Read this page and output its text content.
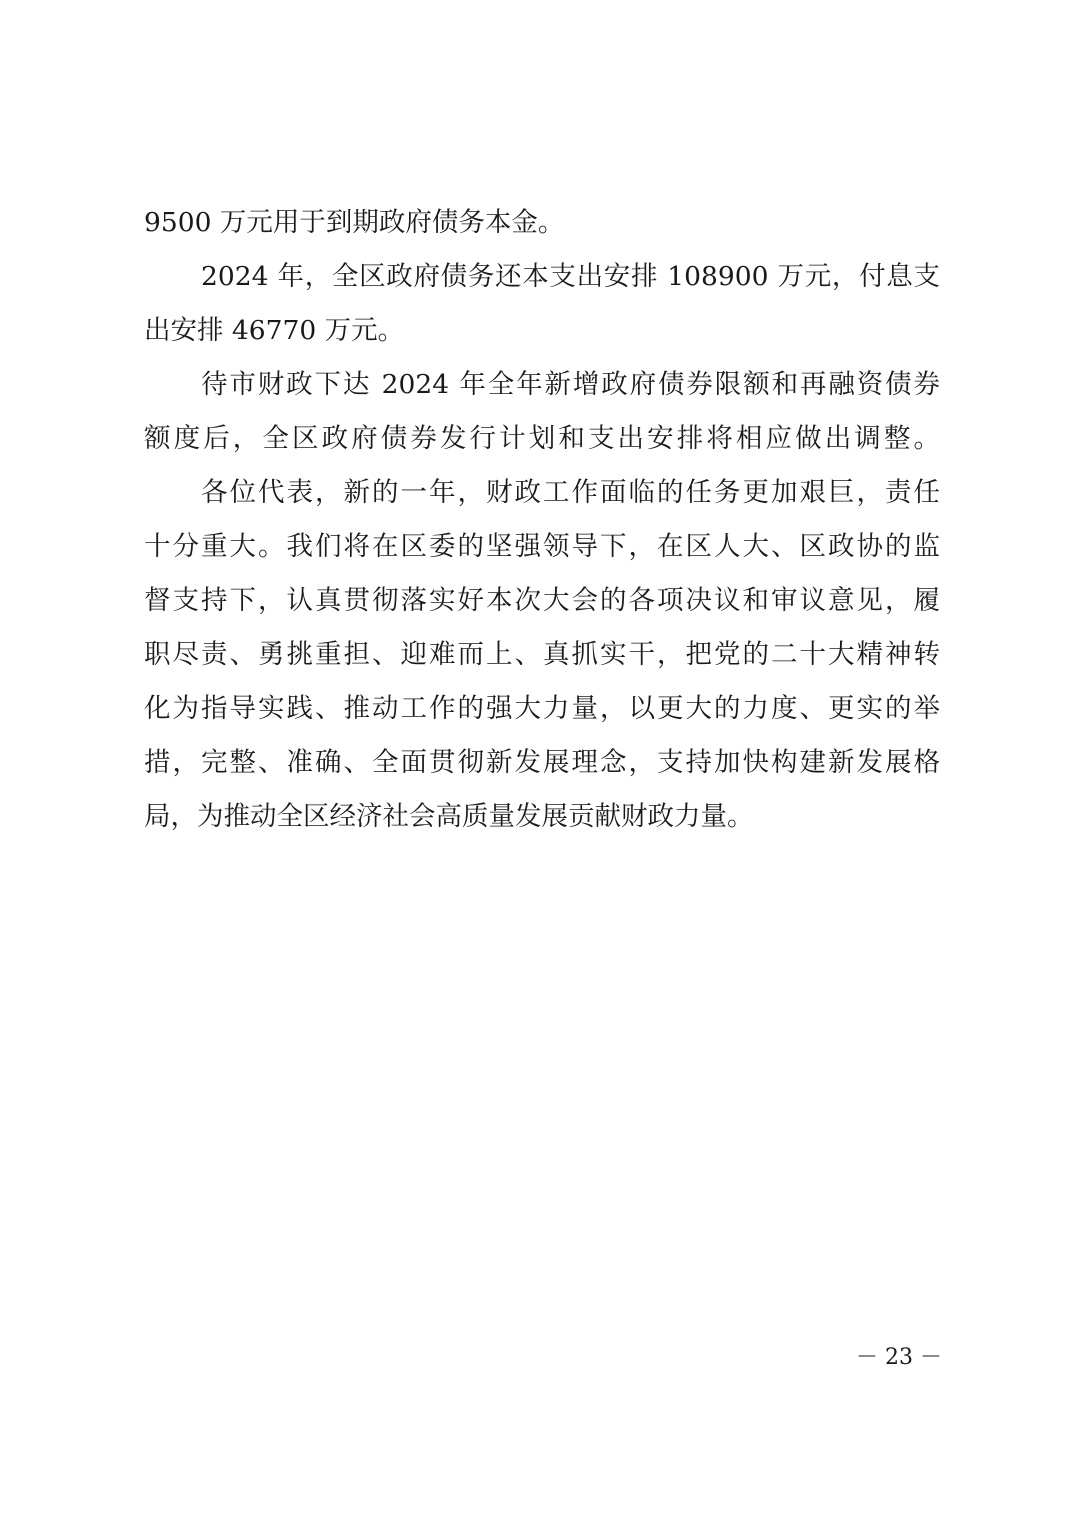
9500 万元用于到期政府债务本金。
2024 年，全区政府债务还本支出安排 108900 万元，付息支
出安排 46770 万元。
待市财政下达 2024 年全年新增政府债券限额和再融资债券
额度后，全区政府债券发行计划和支出安排将相应做出调整。
各位代表，新的一年，财政工作面临的任务更加艰巨，责任
十分重大。我们将在区委的坚强领导下，在区人大、区政协的监
督支持下，认真贯彻落实好本次大会的各项决议和审议意见，履
职尽责、勇挑重担、迎难而上、真抓实干，把党的二十大精神转
化为指导实践、推动工作的强大力量，以更大的力度、更实的举
措，完整、准确、全面贯彻新发展理念，支持加快构建新发展格
局，为推动全区经济社会高质量发展贡献财政力量。
－ 23 －
